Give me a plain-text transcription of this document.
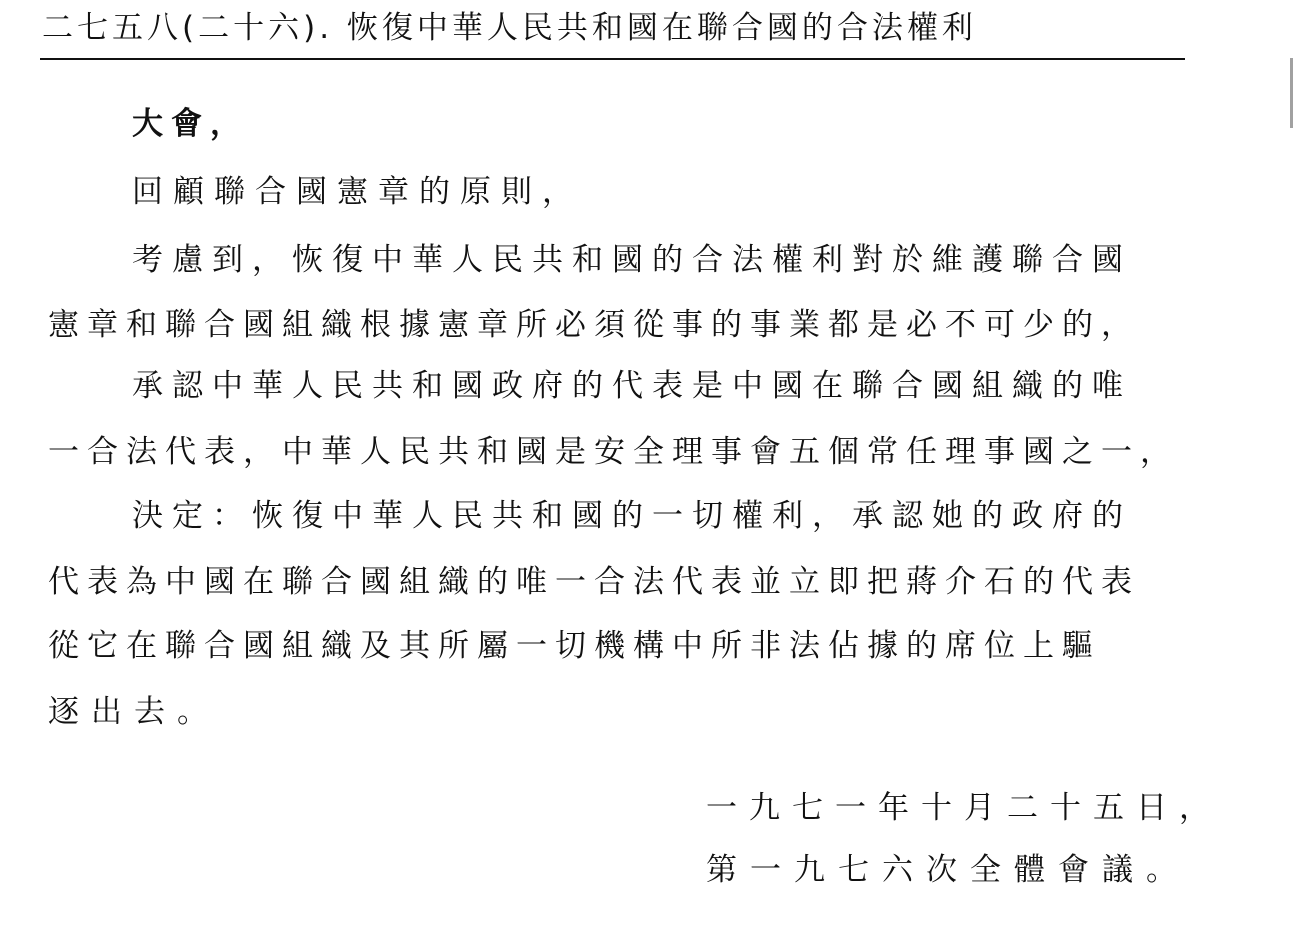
二七五八(二十六). 恢復中華人民共和國在聯合國的合法權利
大會，
回顧聯合國憲章的原則，
考慮到，恢復中華人民共和國的合法權利對於維護聯合國
憲章和聯合國組織根據憲章所必須從事的事業都是必不可少的，
承認中華人民共和國政府的代表是中國在聯合國組織的唯
一合法代表，中華人民共和國是安全理事會五個常任理事國之一，
決定：恢復中華人民共和國的一切權利，承認她的政府的
代表為中國在聯合國組織的唯一合法代表並立即把蔣介石的代表
從它在聯合國組織及其所屬一切機構中所非法佔據的席位上驅
逐出去。
一九七一年十月二十五日，
第一九七六次全體會議。
